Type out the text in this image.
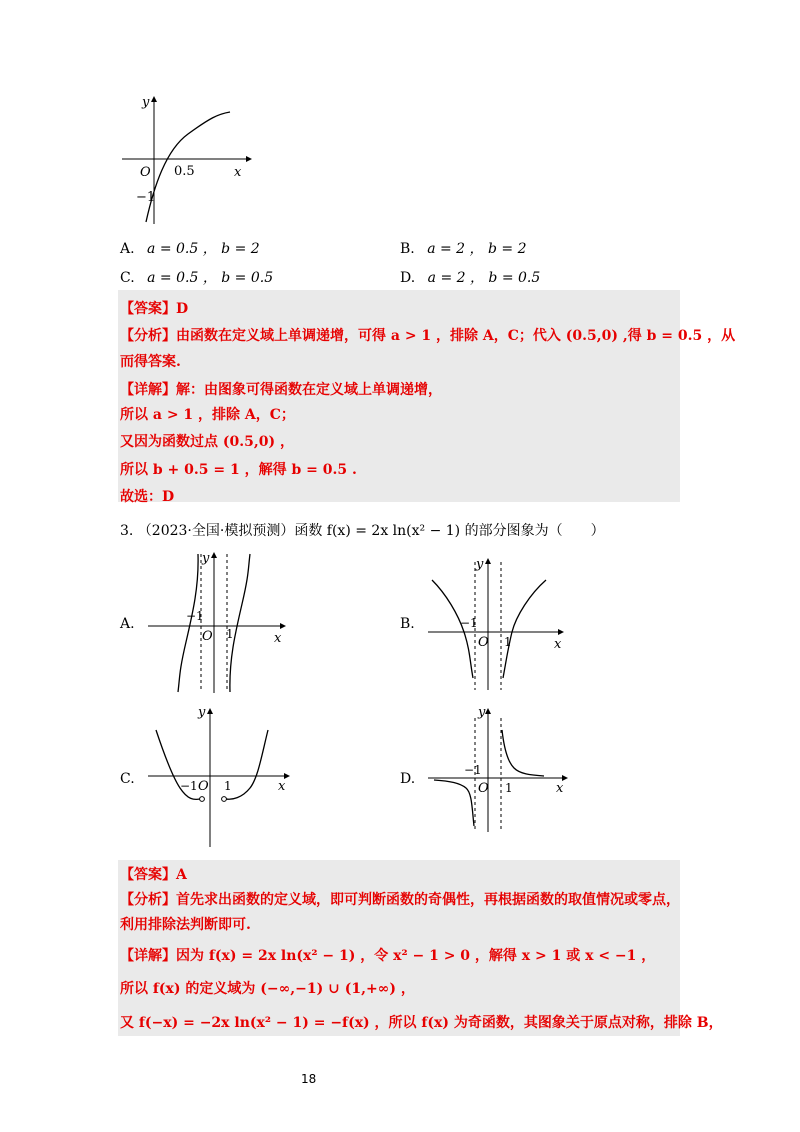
y
x
O 0.5
−1
A. a = 0.5 ， b = 2	B. a = 2 ， b = 2
C. a = 0.5 ， b = 0.5	D. a = 2 ， b = 0.5
【答案】D
【分析】由函数在定义域上单调递增，可得 a > 1 ，排除 A，C；代入 (0.5,0) ,得 b = 0.5 ，从
而得答案.
【详解】解：由图象可得函数在定义域上单调递增，
所以 a > 1 ，排除 A，C；
又因为函数过点 (0.5,0) ，
所以 b + 0.5 = 1 ，解得 b = 0.5 .
故选：D
3. （2023·全国·模拟预测）函数 f(x) = 2x ln(x² − 1) 的部分图象为（　　）
A.
y
x
O
−1
1
B.
y
x
O
−1
1
C.
y
x
O
−1 1	D.
y
x
O
−1
1
【答案】A
【分析】首先求出函数的定义域，即可判断函数的奇偶性，再根据函数的取值情况或零点，
利用排除法判断即可.
【详解】因为 f(x) = 2x ln(x² − 1) ，令 x² − 1 > 0 ，解得 x > 1 或 x < −1 ，
所以 f(x) 的定义域为 (−∞,−1) ∪ (1,+∞) ，
又 f(−x) = −2x ln(x² − 1) = −f(x) ，所以 f(x) 为奇函数，其图象关于原点对称，排除 B，
18
